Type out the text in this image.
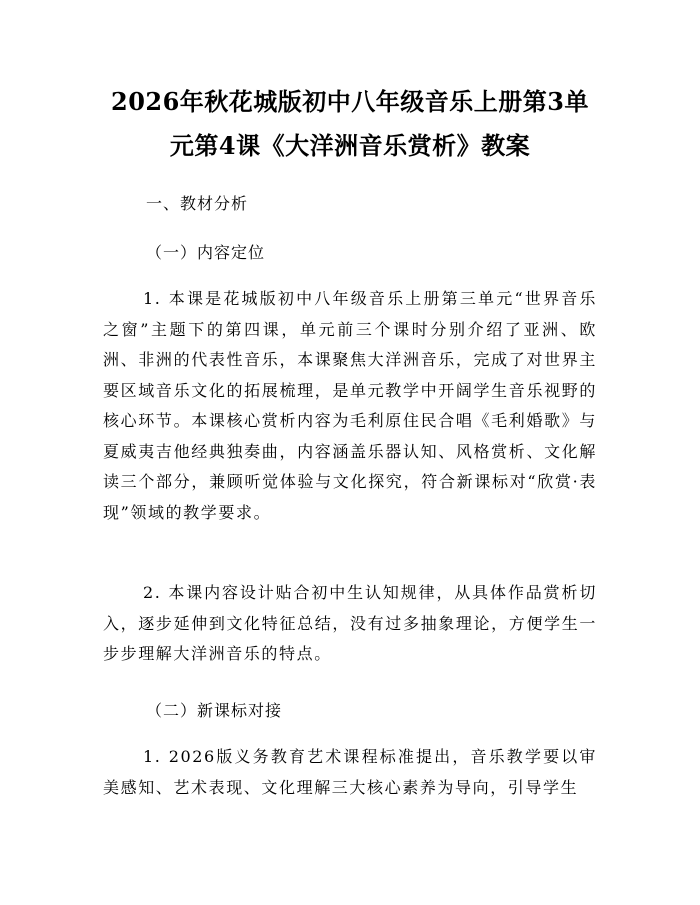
2026年秋花城版初中八年级音乐上册第3单
元第4课《大洋洲音乐赏析》教案
一、教材分析
（一）内容定位
1. 本课是花城版初中八年级音乐上册第三单元“世界音乐之窗”主题下的第四课，单元前三个课时分别介绍了亚洲、欧洲、非洲的代表性音乐，本课聚焦大洋洲音乐，完成了对世界主要区域音乐文化的拓展梳理，是单元教学中开阔学生音乐视野的核心环节。本课核心赏析内容为毛利原住民合唱《毛利婚歌》与夏威夷吉他经典独奏曲，内容涵盖乐器认知、风格赏析、文化解读三个部分，兼顾听觉体验与文化探究，符合新课标对“欣赏·表现”领域的教学要求。
2. 本课内容设计贴合初中生认知规律，从具体作品赏析切入，逐步延伸到文化特征总结，没有过多抽象理论，方便学生一步步理解大洋洲音乐的特点。
（二）新课标对接
1. 2026版义务教育艺术课程标准提出，音乐教学要以审美感知、艺术表现、文化理解三大核心素养为导向，引导学生
